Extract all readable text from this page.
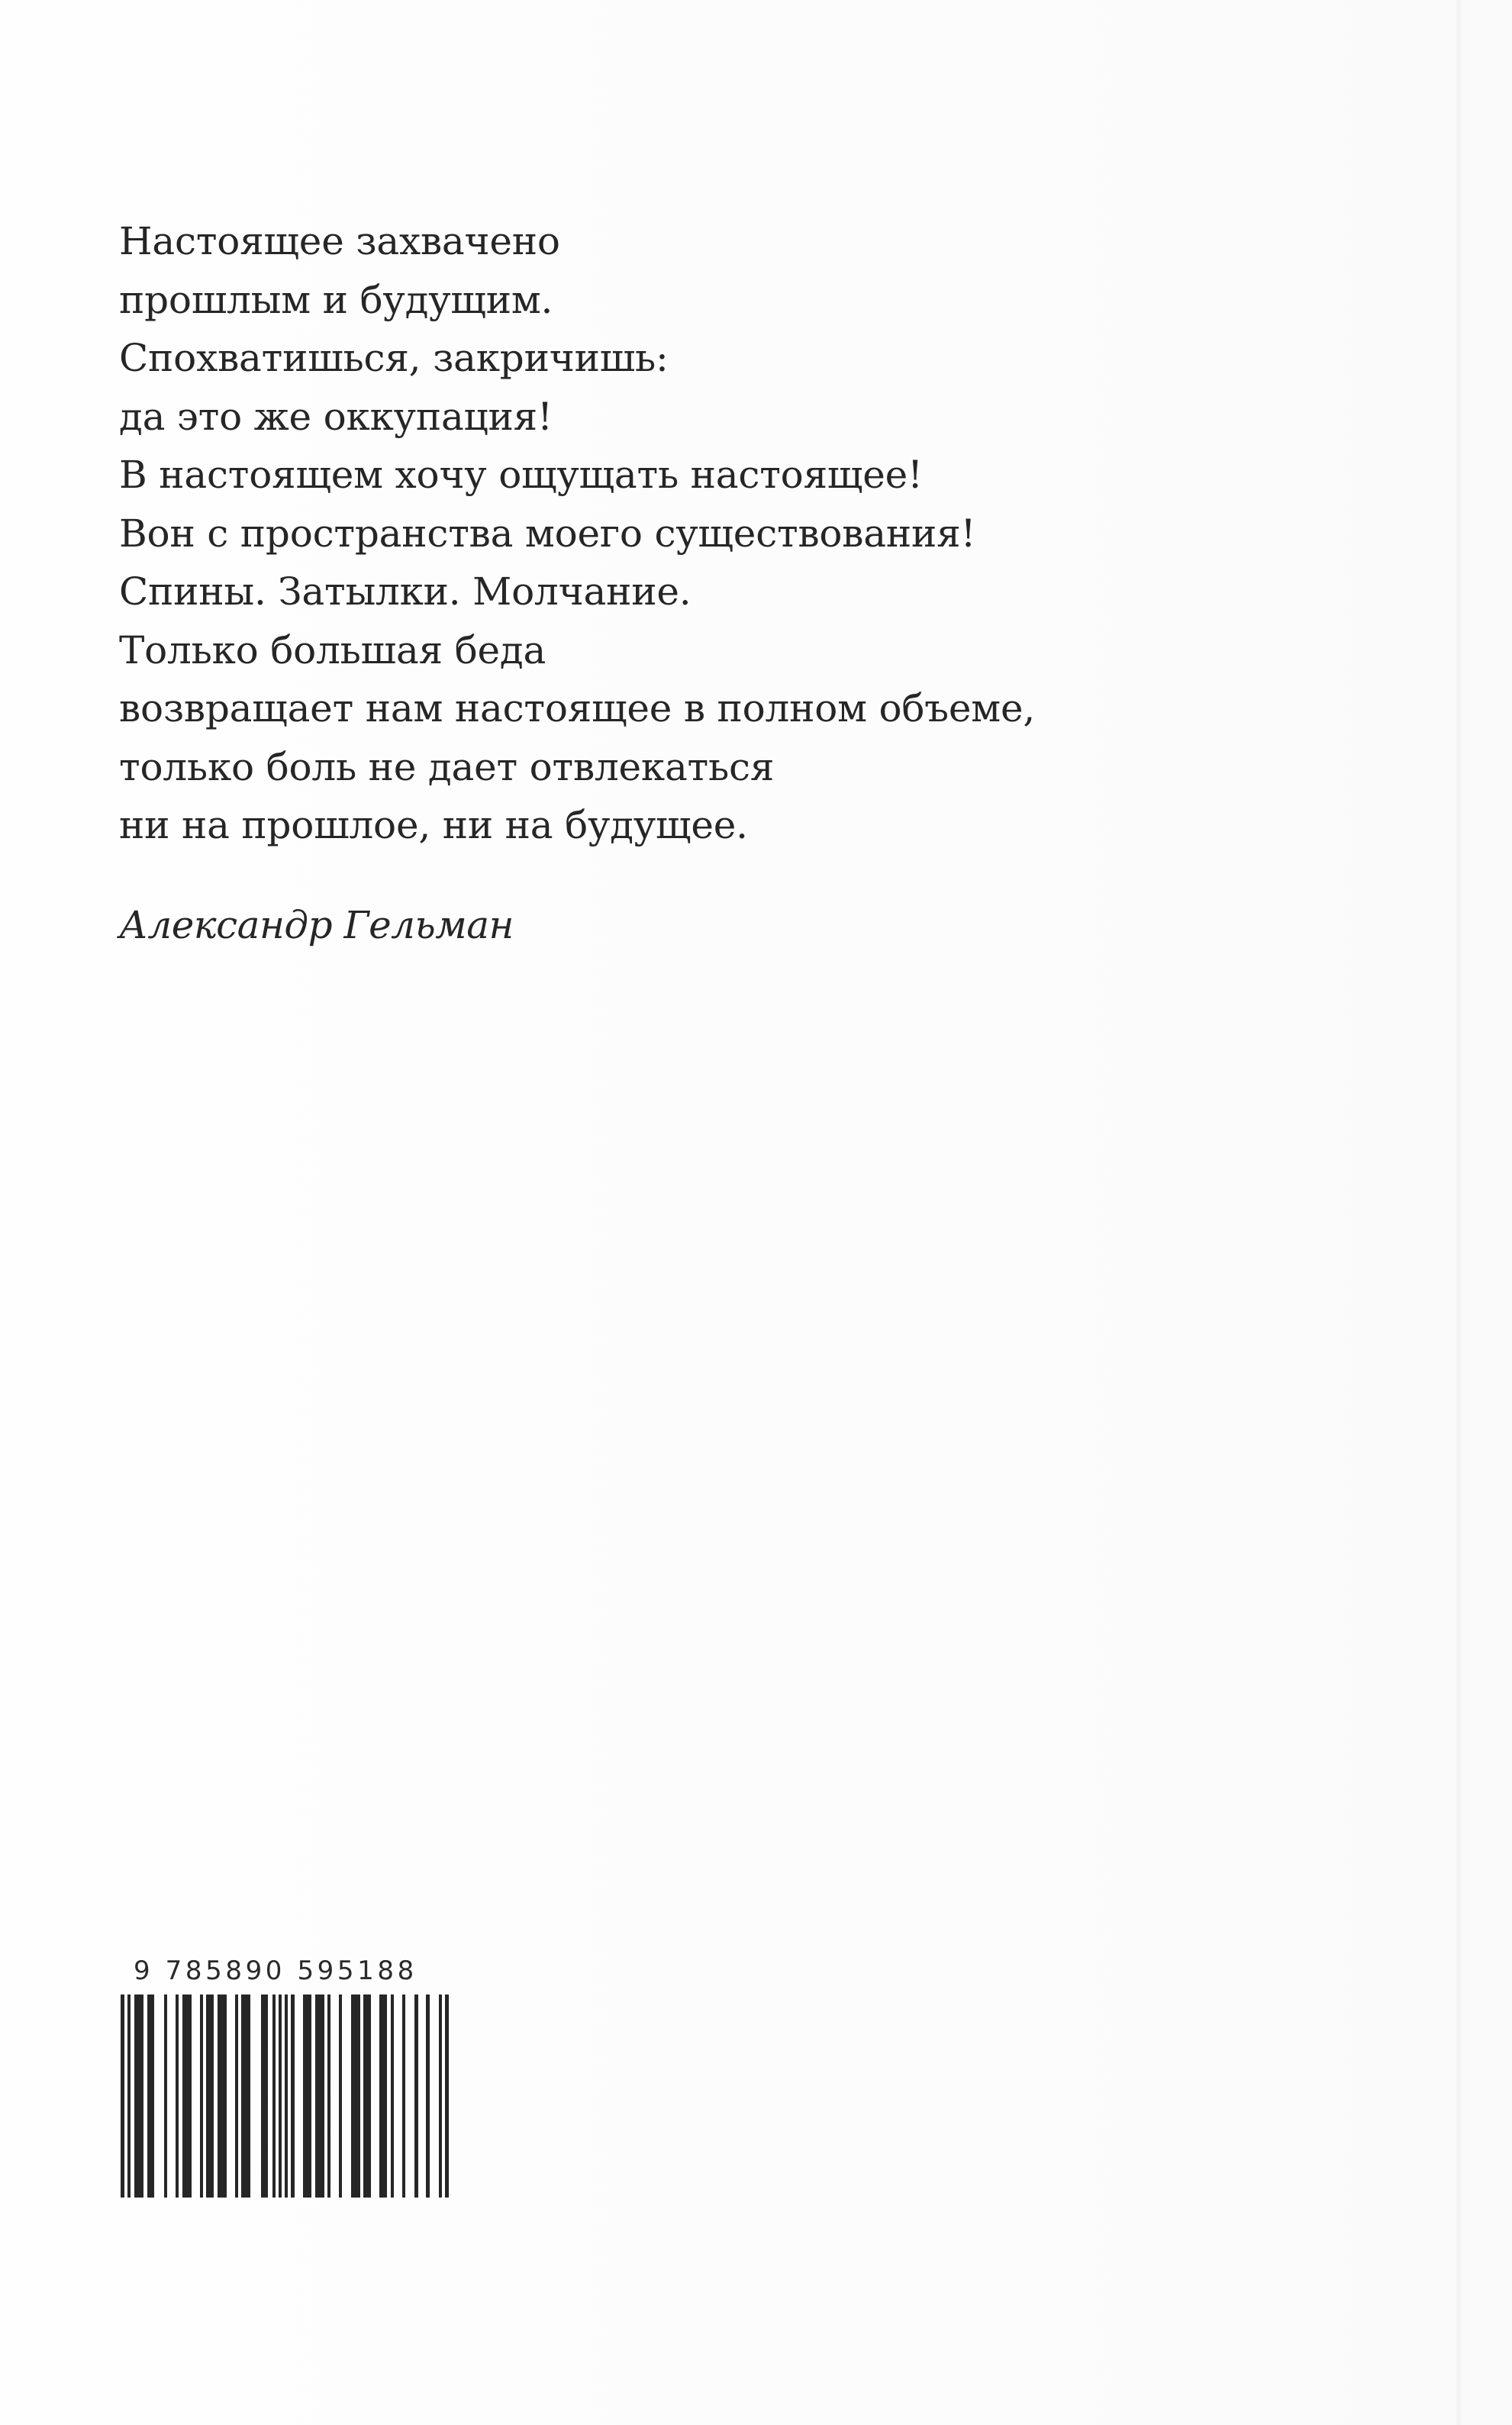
Настоящее захвачено
прошлым и будущим.
Спохватишься, закричишь:
да это же оккупация!
В настоящем хочу ощущать настоящее!
Вон с пространства моего существования!
Спины. Затылки. Молчание.
Только большая беда
возвращает нам настоящее в полном объеме,
только боль не дает отвлекаться
ни на прошлое, ни на будущее.
Александр Гельман
9 785890 595188
